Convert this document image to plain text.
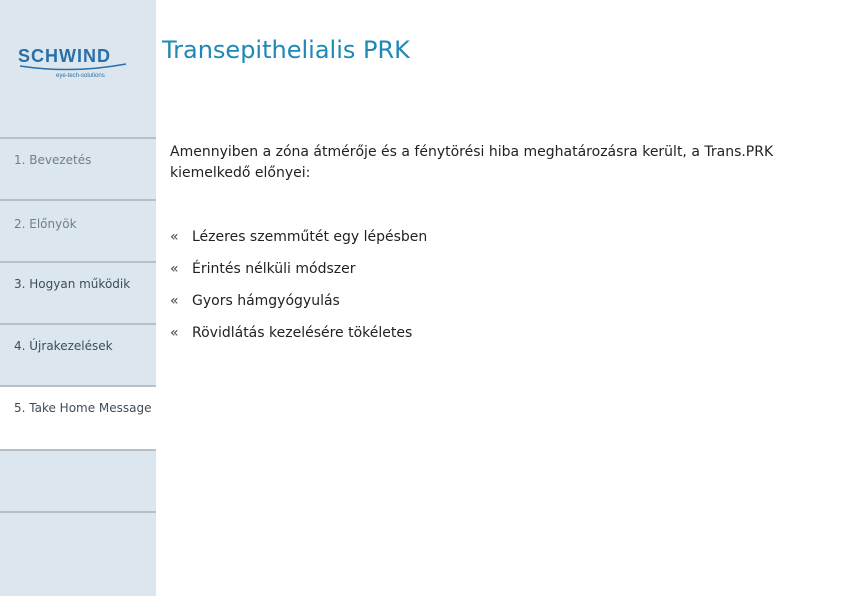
SCHWIND
eye-tech-solutions
1. Bevezetés
2. Előnyök
3. Hogyan működik
4. Újrakezelések
5. Take Home Message
Transepithelialis PRK
Amennyiben a zóna átmérője és a fénytörési hiba meghatározásra került, a Trans.PRK kiemelkedő előnyei:
« Lézeres szemműtét egy lépésben
« Érintés nélküli módszer
« Gyors hámgyógyulás
« Rövidlátás kezelésére tökéletes
